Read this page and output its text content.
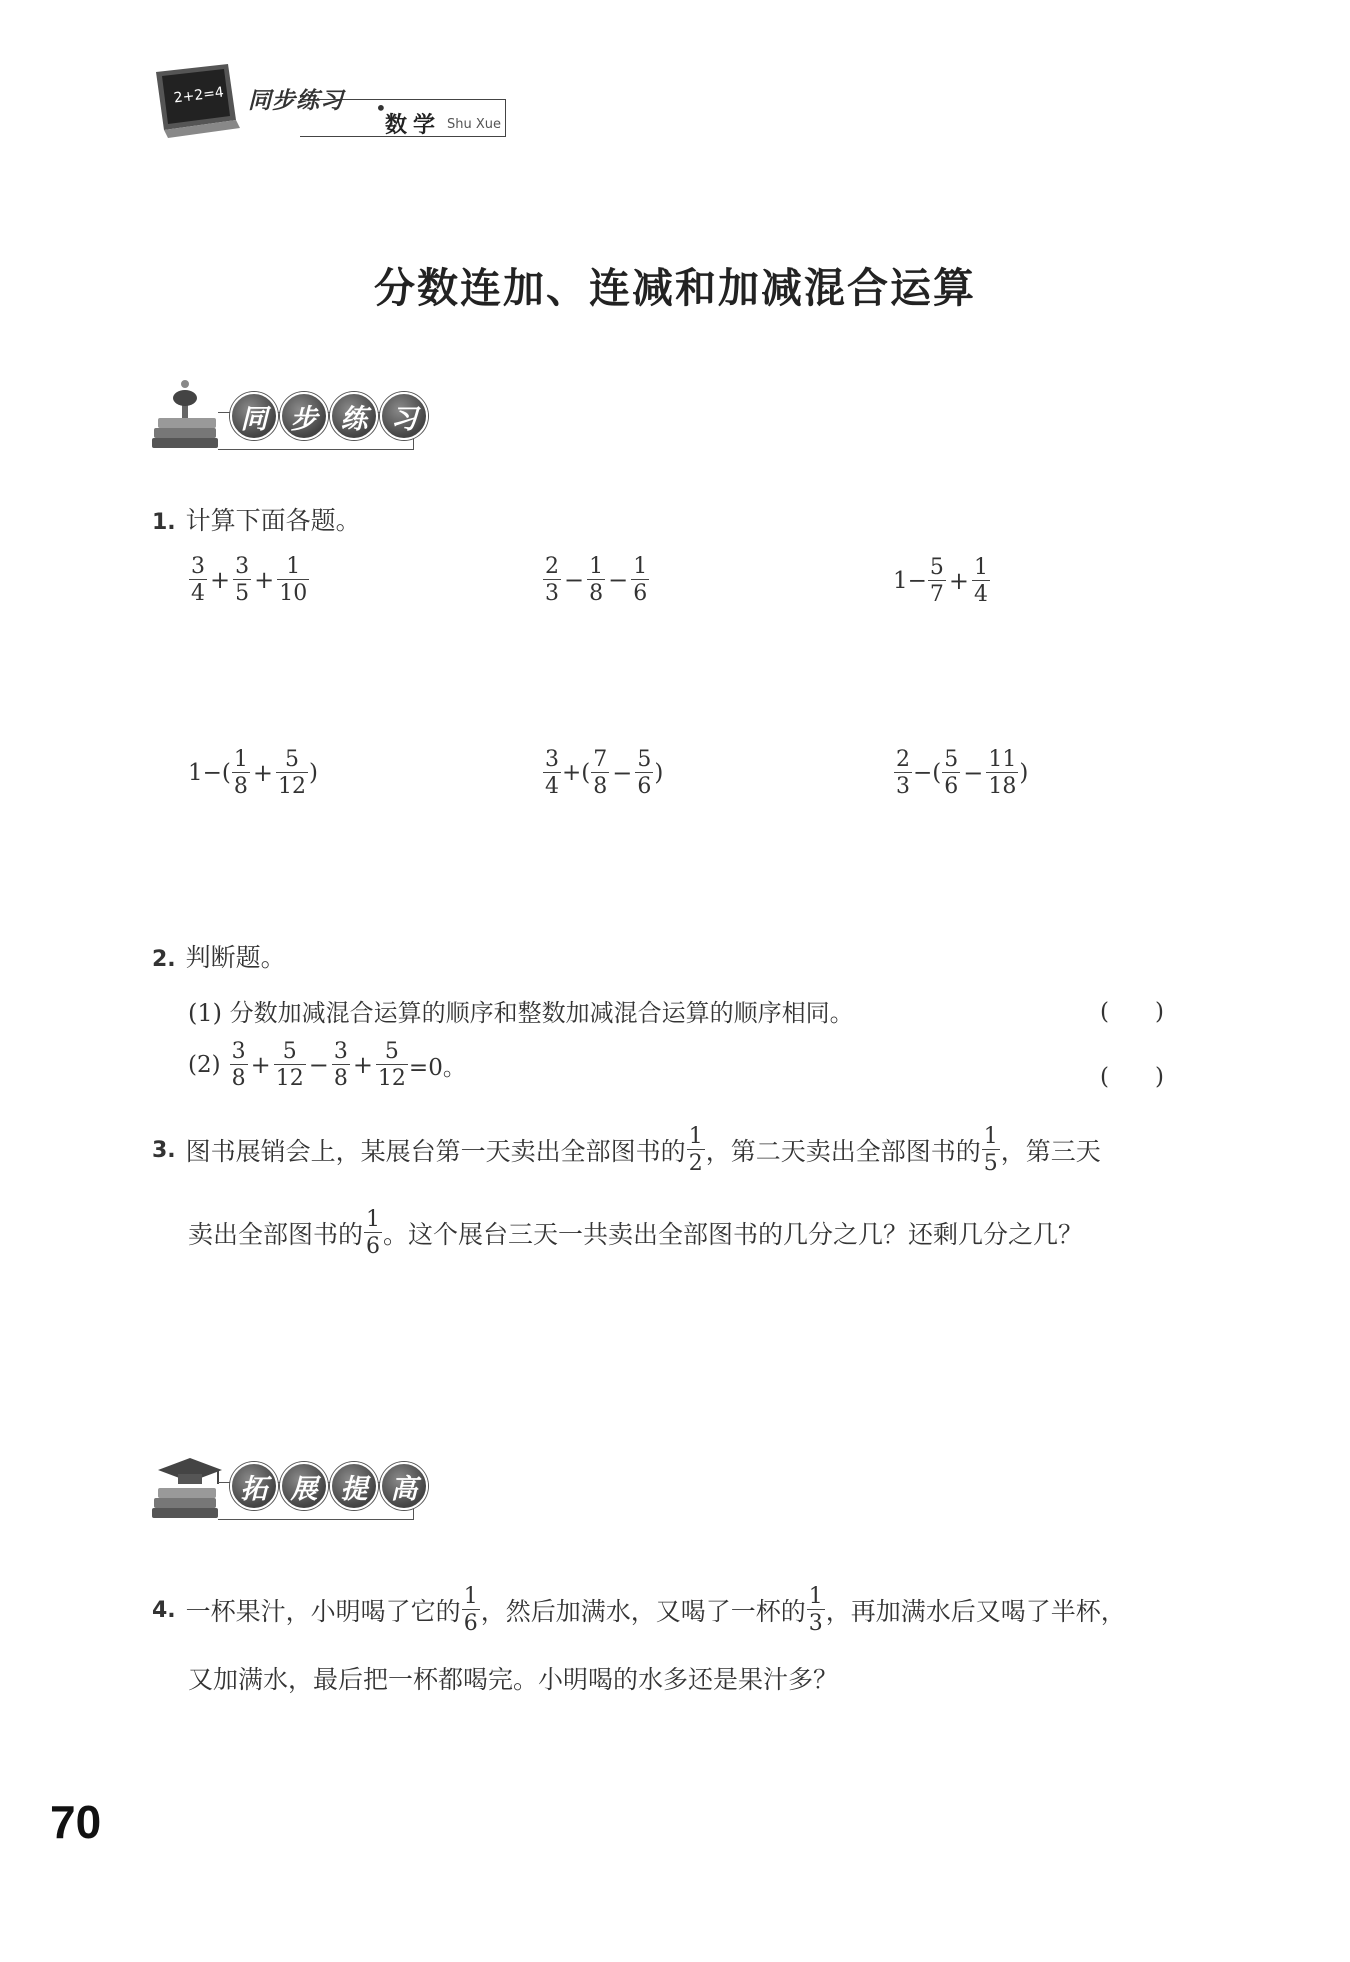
2+2=4 同步练习 •
数学 Shu Xue
分数连加、连减和加减混合运算
同 步 练 习
1. 计算下面各题。
$\frac{3}{4} + \frac{3}{5} + \frac{1}{10}$	$\frac{2}{3} - \frac{1}{8} - \frac{1}{6}$	$1- \frac{5}{7} + \frac{1}{4}$
$1-( \frac{1}{8} + \frac{5}{12}$ )	$\frac{3}{4}$ +( $\frac{7}{8} - \frac{5}{6}$ )	$\frac{2}{3}$ −( $\frac{5}{6} - \frac{11}{18}$ )
2. 判断题。
(1) 分数加减混合运算的顺序和整数加减混合运算的顺序相同。	(　　)
$(2) \frac{3}{8} + \frac{5}{12} - \frac{3}{8} + \frac{5}{12} =0$。	(　　)
3. 图书展销会上，某展台第一天卖出全部图书的 $\frac{1}{2}$ ，第二天卖出全部图书的 $\frac{1}{5}$ ，第三天
卖出全部图书的 $\frac{1}{6}$ 。这个展台三天一共卖出全部图书的几分之几？还剩几分之几？
拓 展 提 高
4. 一杯果汁，小明喝了它的 $\frac{1}{6}$ ，然后加满水，又喝了一杯的 $\frac{1}{3}$ ，再加满水后又喝了半杯，
又加满水，最后把一杯都喝完。小明喝的水多还是果汁多？
70
